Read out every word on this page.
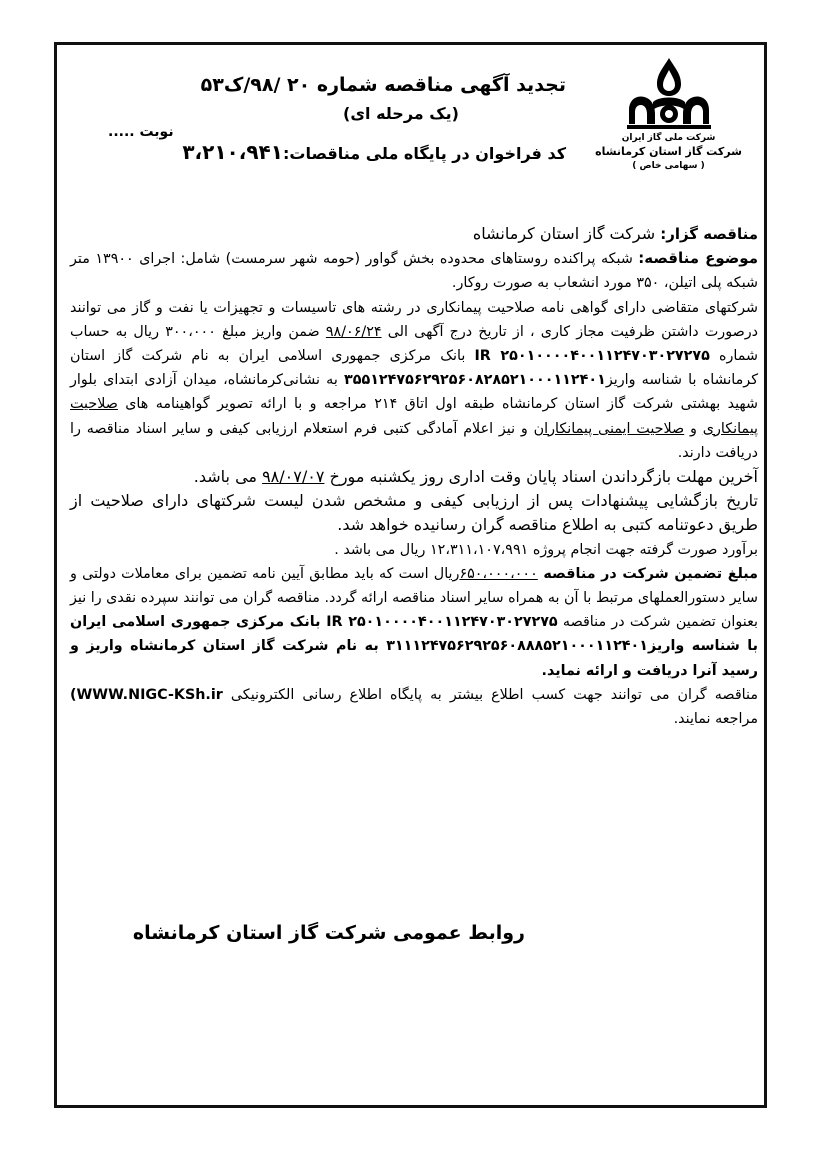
شرکت ملی گاز ایران
شرکت گاز استان کرمانشاه
( سهامی خاص )
تجدید آگهی مناقصه شماره ۲۰ /۹۸/ک۵۳
(یک مرحله ای)
کد فراخوان در پایگاه ملی مناقصات:۳،۲۱۰،۹۴۱
نوبت .....

مناقصه گزار: شرکت گاز استان کرمانشاه

موضوع مناقصه: شبکه پراکنده روستاهای محدوده بخش گواور (حومه شهر سرمست) شامل: اجرای ۱۳۹۰۰ متر شبکه پلی اتیلن، ۳۵۰ مورد انشعاب به صورت روکار.

شرکتهای متقاضی دارای گواهی نامه صلاحیت پیمانکاری در رشته های تاسیسات و تجهیزات یا نفت و گاز می توانند درصورت داشتن ظرفیت مجاز کاری ، از تاریخ درج آگهی الی ۹۸/۰۶/۲۴ ضمن واریز مبلغ ۳۰۰،۰۰۰ ریال به حساب شماره IR ۲۵۰۱۰۰۰۰۴۰۰۱۱۲۴۷۰۳۰۲۷۲۷۵ بانک مرکزی جمهوری اسلامی ایران به نام شرکت گاز استان کرمانشاه با شناسه واریز۳۵۵۱۲۴۷۵۶۲۹۲۵۶۰۸۲۸۵۲۱۰۰۰۱۱۲۴۰۱ به نشانی‌کرمانشاه، میدان آزادی ابتدای بلوار شهید بهشتی شرکت گاز استان کرمانشاه طبقه اول اتاق ۲۱۴ مراجعه و با ارائه تصویر گواهینامه های صلاحیت پیمانکاری و صلاحیت ایمنی پیمانکاران و نیز اعلام آمادگی کتبی فرم استعلام ارزیابی کیفی و سایر اسناد مناقصه را دریافت دارند.

آخرین مهلت بازگرداندن اسناد پایان وقت اداری روز یکشنبه مورخ ۹۸/۰۷/۰۷ می باشد.

تاریخ بازگشایی پیشنهادات پس از ارزیابی کیفی و مشخص شدن لیست شرکتهای دارای صلاحیت از طریق دعوتنامه کتبی به اطلاع مناقصه گران رسانیده خواهد شد.

برآورد صورت گرفته جهت انجام پروژه ۱۲،۳۱۱،۱۰۷،۹۹۱ ریال می باشد .

مبلغ تضمین شرکت در مناقصه ۶۵۰،۰۰۰،۰۰۰ریال است که باید مطابق آیین نامه تضمین برای معاملات دولتی و سایر دستورالعملهای مرتبط با آن به همراه سایر اسناد مناقصه ارائه گردد. مناقصه گران می توانند سپرده نقدی را نیز بعنوان تضمین شرکت در مناقصه IR ۲۵۰۱۰۰۰۰۴۰۰۱۱۲۴۷۰۳۰۲۷۲۷۵ بانک مرکزی جمهوری اسلامی ایران با شناسه واریز۳۱۱۱۲۴۷۵۶۲۹۲۵۶۰۸۸۸۵۲۱۰۰۰۱۱۲۴۰۱ به نام شرکت گاز استان کرمانشاه واریز و رسید آنرا دریافت و ارائه نماید.

مناقصه گران می توانند جهت کسب اطلاع بیشتر به پایگاه اطلاع رسانی الکترونیکی (WWW.NIGC-KSh.ir مراجعه نمایند.

روابط عمومی شرکت گاز استان کرمانشاه
